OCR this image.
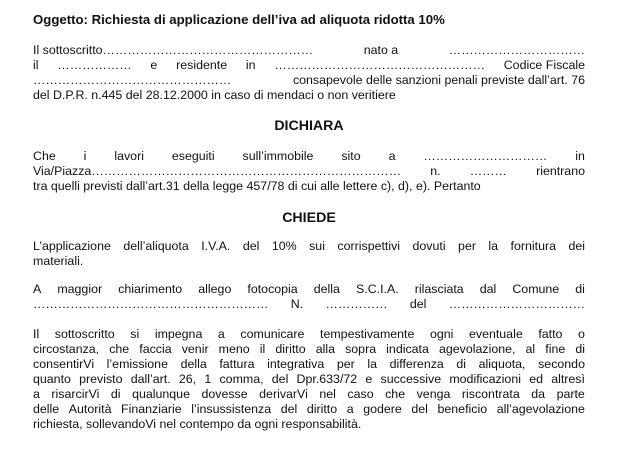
Oggetto: Richiesta di applicazione dell’iva ad aliquota ridotta 10%
Il sottoscritto……………………………………………	nato a	……………………………
il ……………… e residente in …………………………………………… Codice Fiscale
…………………………………………	consapevole delle sanzioni penali previste dall’art. 76
del D.P.R. n.445 del 28.12.2000 in caso di mendaci o non veritiere
DICHIARA
Che i lavori eseguiti sull’immobile sito a ………………………… in
Via/Piazza………………………………………………………………… n. ……… rientrano
tra quelli previsti dall’art.31 della legge 457/78 di cui alle lettere c), d), e). Pertanto
CHIEDE
L’applicazione dell’aliquota I.V.A. del 10% sui corrispettivi dovuti per la fornitura dei
materiali.
A maggior chiarimento allego fotocopia della S.C.I.A. rilasciata dal Comune di
………………………………………………… N. …………… del ……………………………
Il sottoscritto si impegna a comunicare tempestivamente ogni eventuale fatto o
circostanza, che faccia venir meno il diritto alla sopra indicata agevolazione, al fine di
consentirVi l’emissione della fattura integrativa per la differenza di aliquota, secondo
quanto previsto dall’art. 26, 1 comma, del Dpr.633/72 e successive modificazioni ed altresì
a risarcirVi di qualunque dovesse derivarVi nel caso che venga riscontrata da parte
delle Autorità Finanziarie l’insussistenza del diritto a godere del beneficio all’agevolazione
richiesta, sollevandoVi nel contempo da ogni responsabilità.
